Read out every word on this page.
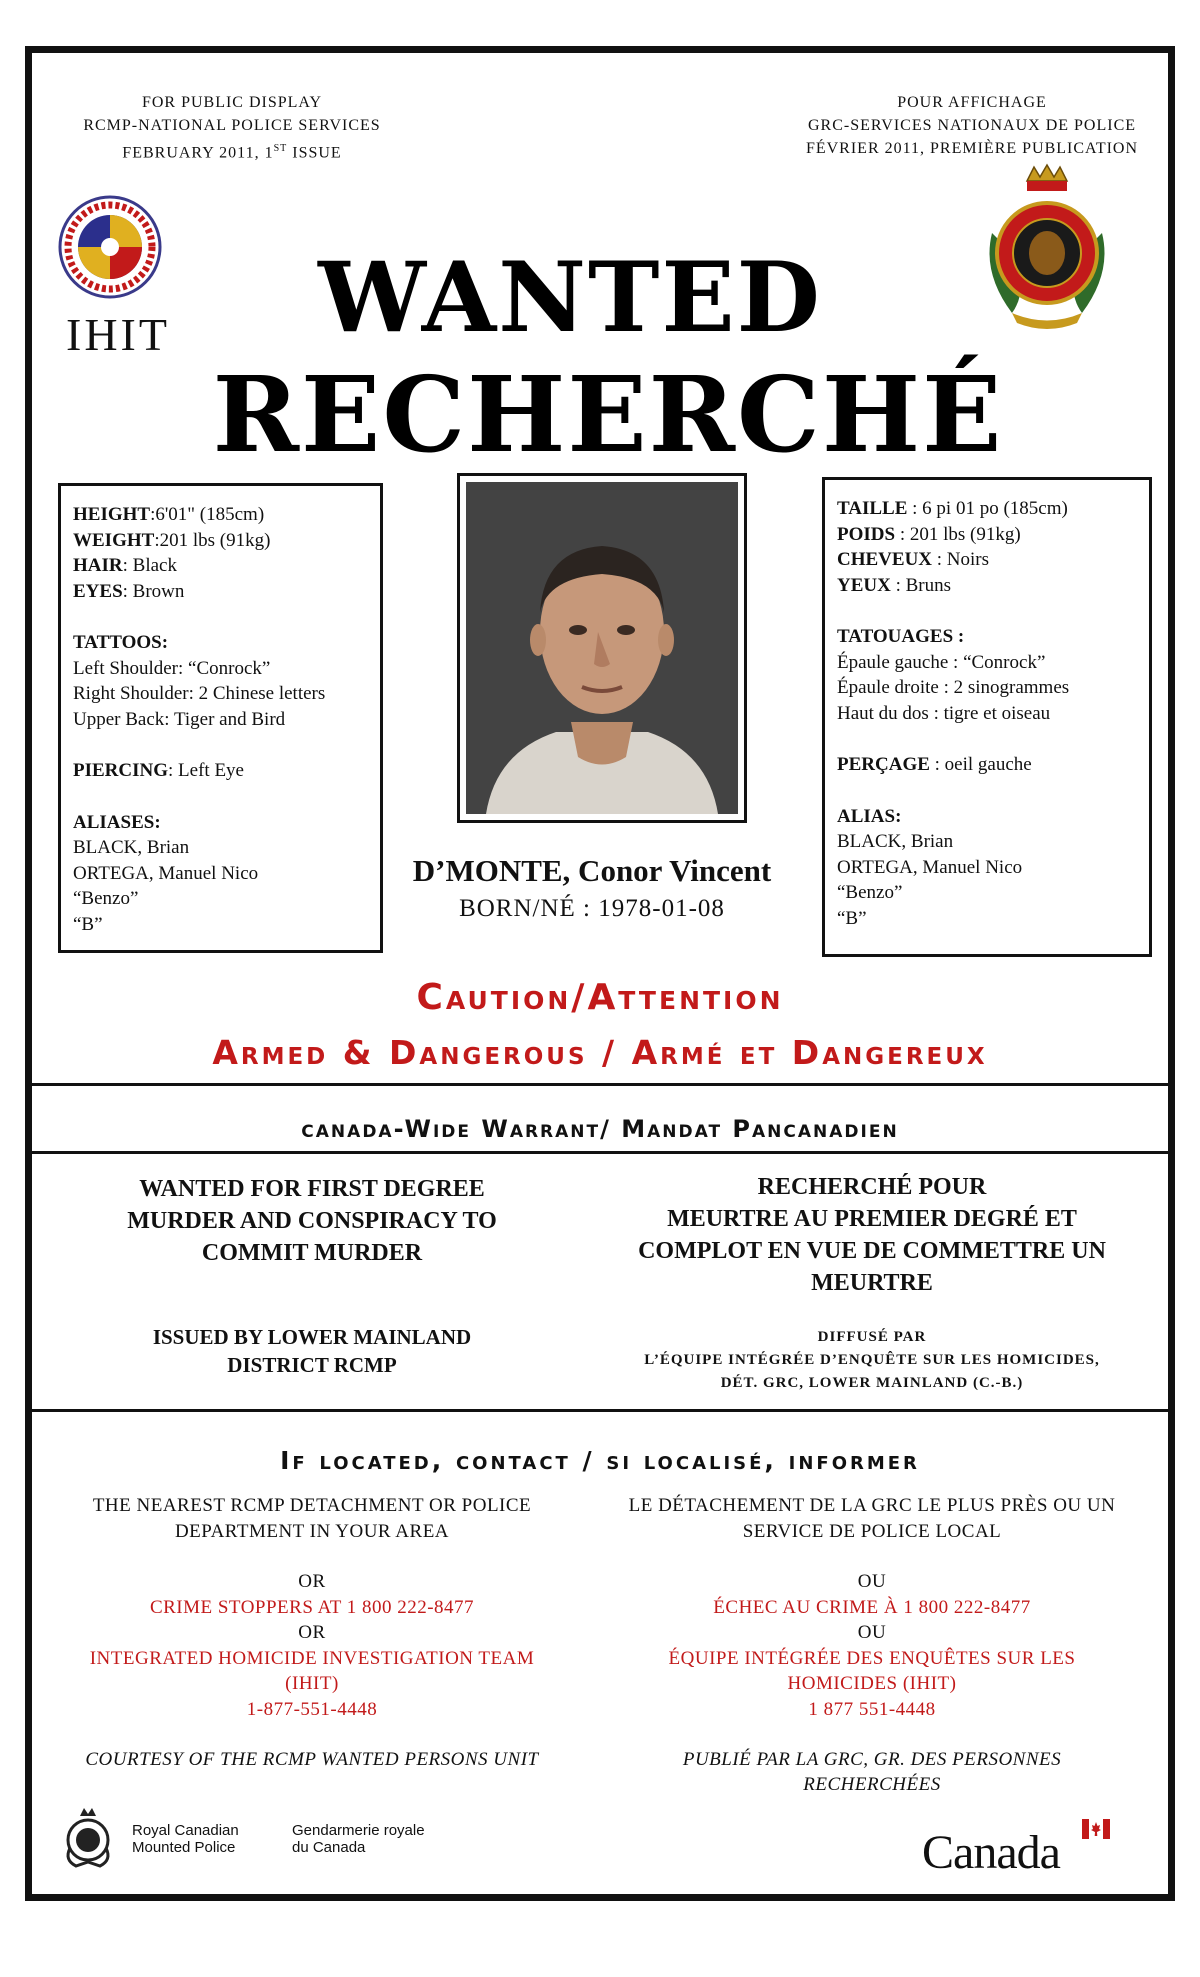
FOR PUBLIC DISPLAY
RCMP-NATIONAL POLICE SERVICES
FEBRUARY 2011, 1ST ISSUE
POUR AFFICHAGE
GRC-SERVICES NATIONAUX DE POLICE
FÉVRIER 2011, PREMIÈRE PUBLICATION
IHIT	WANTED
RECHERCHÉ
HEIGHT:6'01" (185cm)
WEIGHT:201 lbs (91kg)
HAIR: Black
EYES: Brown
TATTOOS:
Left Shoulder: “Conrock”
Right Shoulder: 2 Chinese letters
Upper Back: Tiger and Bird
PIERCING: Left Eye
ALIASES:
BLACK, Brian
ORTEGA, Manuel Nico
“Benzo”
“B”
D’MONTE, Conor Vincent
BORN/NÉ : 1978-01-08
TAILLE : 6 pi 01 po (185cm)
POIDS : 201 lbs (91kg)
CHEVEUX : Noirs
YEUX : Bruns
TATOUAGES :
Épaule gauche : “Conrock”
Épaule droite : 2 sinogrammes
Haut du dos : tigre et oiseau
PERÇAGE : oeil gauche
ALIAS:
BLACK, Brian
ORTEGA, Manuel Nico
“Benzo”
“B”
Caution/Attention
Armed & Dangerous / Armé et Dangereux
canada-Wide Warrant/ Mandat Pancanadien
WANTED FOR FIRST DEGREE
MURDER AND CONSPIRACY TO
COMMIT MURDER
RECHERCHÉ POUR
MEURTRE AU PREMIER DEGRÉ ET
COMPLOT EN VUE DE COMMETTRE UN
MEURTRE
ISSUED BY LOWER MAINLAND
DISTRICT RCMP
DIFFUSÉ PAR
L’ÉQUIPE INTÉGRÉE D’ENQUÊTE SUR LES HOMICIDES,
DÉT. GRC, LOWER MAINLAND (C.-B.)
If located, contact / si localisé, informer
THE NEAREST RCMP DETACHMENT OR POLICE
DEPARTMENT IN YOUR AREA
OR
CRIME STOPPERS AT 1 800 222-8477
OR
INTEGRATED HOMICIDE INVESTIGATION TEAM
(IHIT)
1-877-551-4448
COURTESY OF THE RCMP WANTED PERSONS UNIT
LE DÉTACHEMENT DE LA GRC LE PLUS PRÈS OU UN
SERVICE DE POLICE LOCAL
OU
ÉCHEC AU CRIME À 1 800 222-8477
OU
ÉQUIPE INTÉGRÉE DES ENQUÊTES SUR LES
HOMICIDES (IHIT)
1 877 551-4448
PUBLIÉ PAR LA GRC, GR. DES PERSONNES
RECHERCHÉES
Royal Canadian
Mounted Police
Gendarmerie royale
du Canada	Canada
